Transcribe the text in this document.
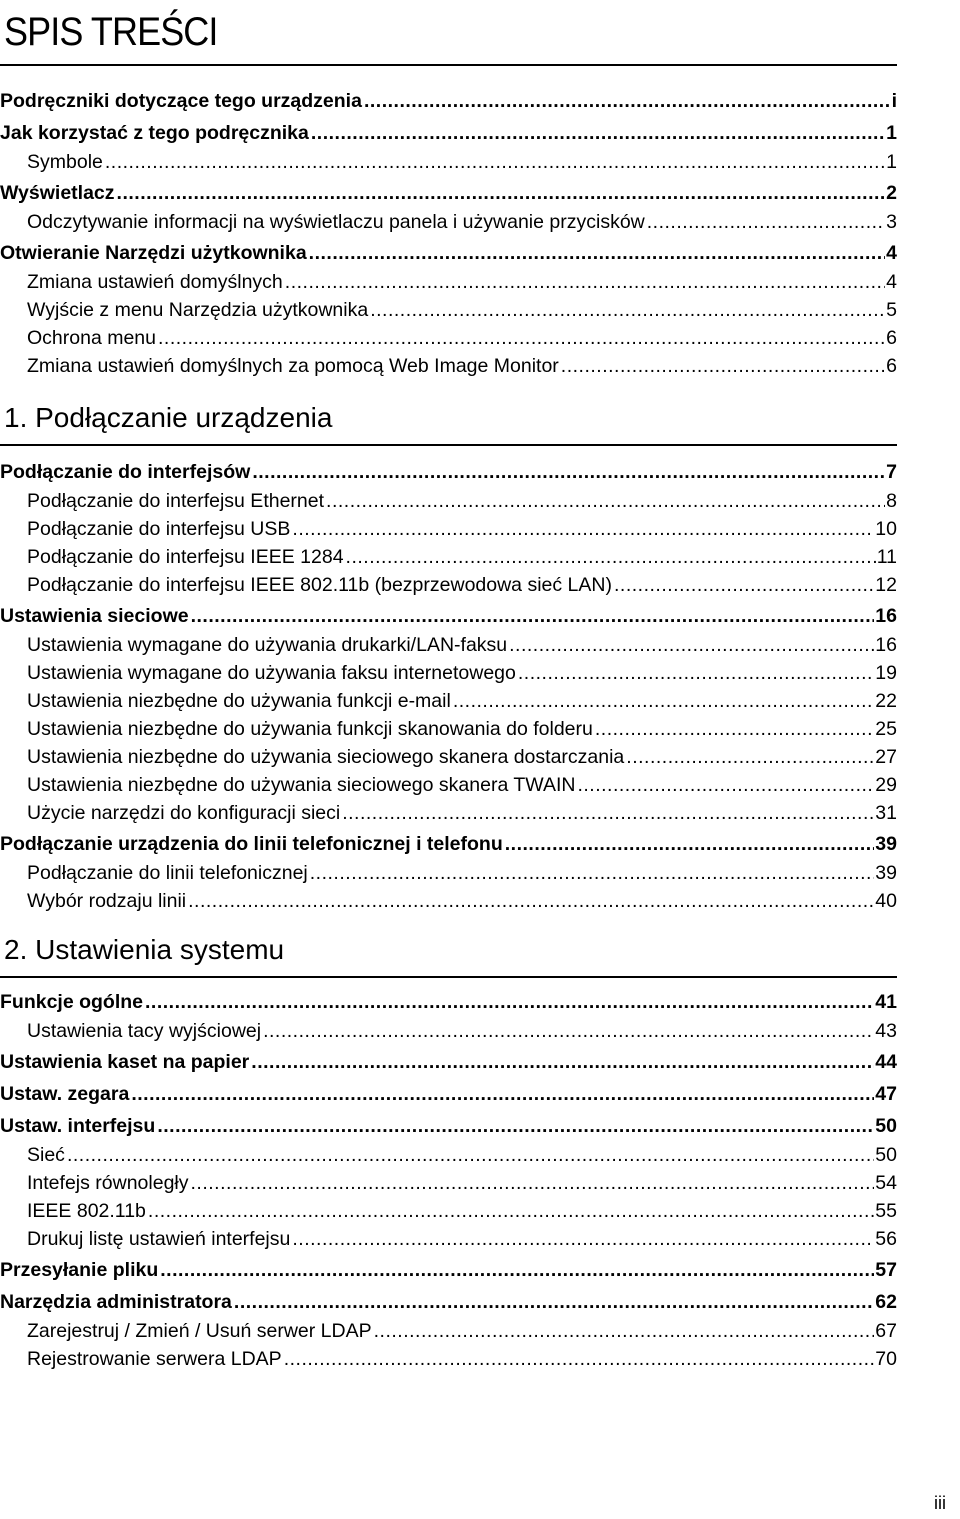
SPIS TREŚCI
Podręczniki dotyczące tego urządzenia .....	i
Jak korzystać z tego podręcznika .....	1
Symbole .....	1
Wyświetlacz .....	2
Odczytywanie informacji na wyświetlaczu panela i używanie przycisków .....	3
Otwieranie Narzędzi użytkownika .....	4
Zmiana ustawień domyślnych .....	4
Wyjście z menu Narzędzia użytkownika .....	5
Ochrona menu .....	6
Zmiana ustawień domyślnych za pomocą Web Image Monitor .....	6
1. Podłączanie urządzenia
Podłączanie do interfejsów .....	7
Podłączanie do interfejsu Ethernet .....	8
Podłączanie do interfejsu USB .....	10
Podłączanie do interfejsu IEEE 1284 .....	11
Podłączanie do interfejsu IEEE 802.11b (bezprzewodowa sieć LAN) .....	12
Ustawienia sieciowe .....	16
Ustawienia wymagane do używania drukarki/LAN-faksu .....	16
Ustawienia wymagane do używania faksu internetowego .....	19
Ustawienia niezbędne do używania funkcji e-mail .....	22
Ustawienia niezbędne do używania funkcji skanowania do folderu .....	25
Ustawienia niezbędne do używania sieciowego skanera dostarczania .....	27
Ustawienia niezbędne do używania sieciowego skanera TWAIN .....	29
Użycie narzędzi do konfiguracji sieci .....	31
Podłączanie urządzenia do linii telefonicznej i telefonu .....	39
Podłączanie do linii telefonicznej .....	39
Wybór rodzaju linii .....	40
2. Ustawienia systemu
Funkcje ogólne .....	41
Ustawienia tacy wyjściowej .....	43
Ustawienia kaset na papier .....	44
Ustaw. zegara .....	47
Ustaw. interfejsu .....	50
Sieć .....	50
Intefejs równoległy .....	54
IEEE 802.11b .....	55
Drukuj listę ustawień interfejsu .....	56
Przesyłanie pliku .....	57
Narzędzia administratora .....	62
Zarejestruj / Zmień / Usuń serwer LDAP .....	67
Rejestrowanie serwera LDAP .....	70
iii
